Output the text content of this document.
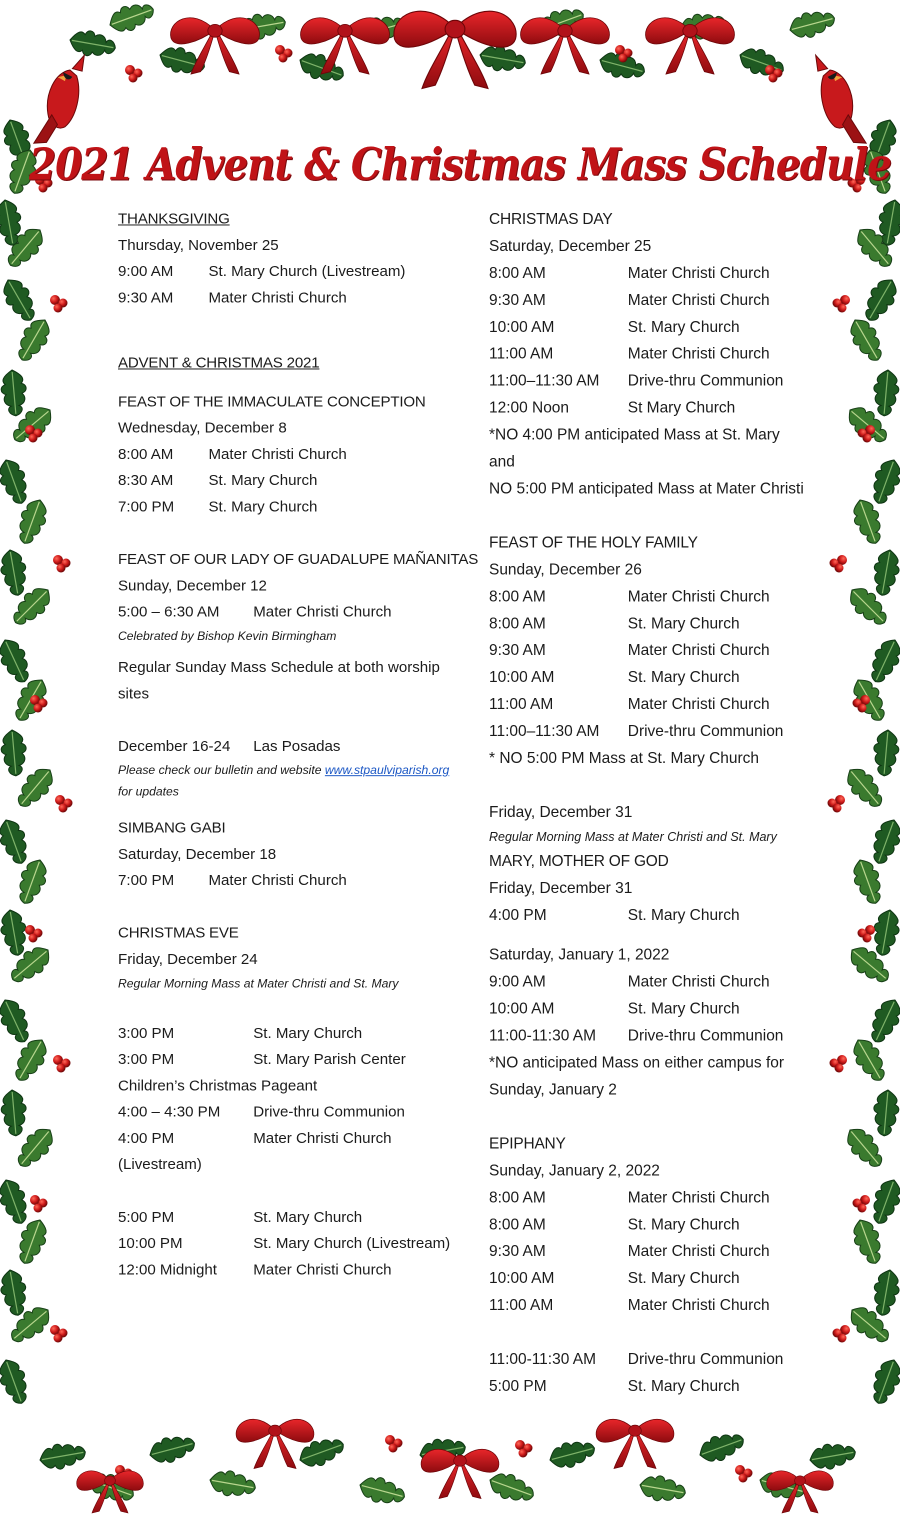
2021 Advent & Christmas Mass Schedule
THANKSGIVING
Thursday, November 25
9:00 AM	St. Mary Church (Livestream)
9:30 AM	Mater Christi Church
ADVENT & CHRISTMAS 2021
FEAST OF THE IMMACULATE CONCEPTION
Wednesday, December 8
8:00 AM	Mater Christi Church
8:30 AM	St. Mary Church
7:00 PM	St. Mary Church
FEAST OF OUR LADY OF GUADALUPE MAÑANITAS
Sunday, December 12
5:00 – 6:30 AM	Mater Christi Church
Celebrated by Bishop Kevin Birmingham
Regular Sunday Mass Schedule at both worship
sites
December 16-24	Las Posadas
Please check our bulletin and website www.stpaulviparish.org
for updates
SIMBANG GABI
Saturday, December 18
7:00 PM	Mater Christi Church
CHRISTMAS EVE
Friday, December 24
Regular Morning Mass at Mater Christi and St. Mary
3:00 PM	St. Mary Church
3:00 PM	St. Mary Parish Center
Children’s Christmas Pageant
4:00 – 4:30 PM	Drive-thru Communion
4:00 PM	Mater Christi Church
(Livestream)
5:00 PM	St. Mary Church
10:00 PM	St. Mary Church (Livestream)
12:00 Midnight	Mater Christi Church
CHRISTMAS DAY
Saturday, December 25
8:00 AM	Mater Christi Church
9:30 AM	Mater Christi Church
10:00 AM	St. Mary Church
11:00 AM	Mater Christi Church
11:00–11:30 AM	Drive-thru Communion
12:00 Noon	St Mary Church
*NO 4:00 PM anticipated Mass at St. Mary
and
NO 5:00 PM anticipated Mass at Mater Christi
FEAST OF THE HOLY FAMILY
Sunday, December 26
8:00 AM	Mater Christi Church
8:00 AM	St. Mary Church
9:30 AM	Mater Christi Church
10:00 AM	St. Mary Church
11:00 AM	Mater Christi Church
11:00–11:30 AM	Drive-thru Communion
* NO 5:00 PM Mass at St. Mary Church
Friday, December 31
Regular Morning Mass at Mater Christi and St. Mary
MARY, MOTHER OF GOD
Friday, December 31
4:00 PM	St. Mary Church
Saturday, January 1, 2022
9:00 AM	Mater Christi Church
10:00 AM	St. Mary Church
11:00-11:30 AM	Drive-thru Communion
*NO anticipated Mass on either campus for
Sunday, January 2
EPIPHANY
Sunday, January 2, 2022
8:00 AM	Mater Christi Church
8:00 AM	St. Mary Church
9:30 AM	Mater Christi Church
10:00 AM	St. Mary Church
11:00 AM	Mater Christi Church
11:00-11:30 AM	Drive-thru Communion
5:00 PM	St. Mary Church
